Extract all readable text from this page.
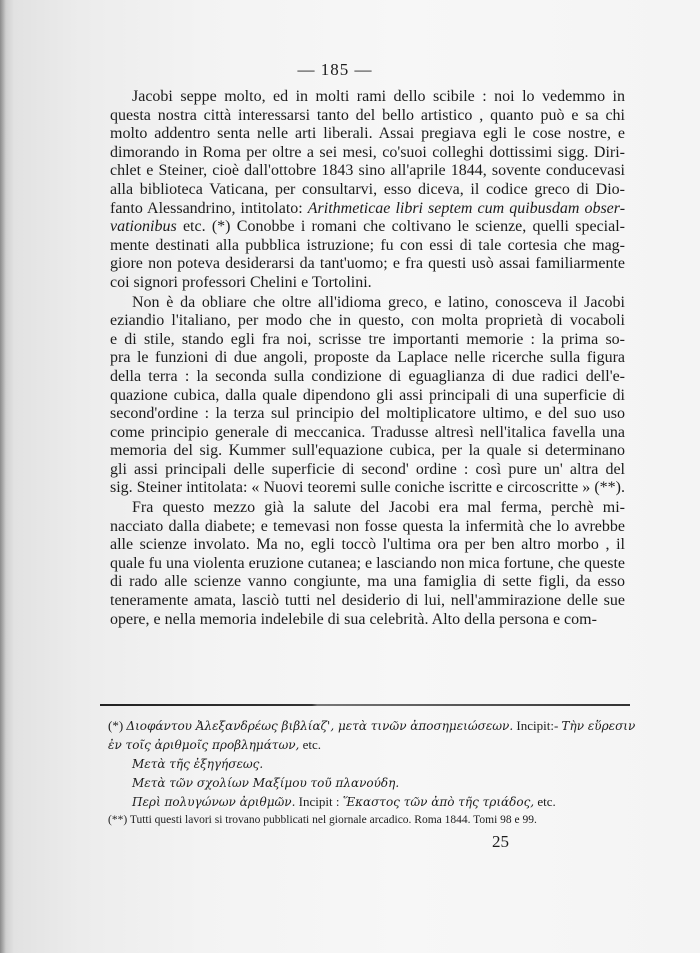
— 185 —
Jacobi seppe molto, ed in molti rami dello scibile : noi lo vedemmo in
questa nostra città interessarsi tanto del bello artistico , quanto può e sa chi
molto addentro senta nelle arti liberali. Assai pregiava egli le cose nostre, e
dimorando in Roma per oltre a sei mesi, co'suoi colleghi dottissimi sigg. Diri-
chlet e Steiner, cioè dall'ottobre 1843 sino all'aprile 1844, sovente conducevasi
alla biblioteca Vaticana, per consultarvi, esso diceva, il codice greco di Dio-
fanto Alessandrino, intitolato: Arithmeticae libri septem cum quibusdam obser-
vationibus etc. (*) Conobbe i romani che coltivano le scienze, quelli special-
mente destinati alla pubblica istruzione; fu con essi di tale cortesia che mag-
giore non poteva desiderarsi da tant'uomo; e fra questi usò assai familiarmente
coi signori professori Chelini e Tortolini.
Non è da obliare che oltre all'idioma greco, e latino, conosceva il Jacobi
eziandio l'italiano, per modo che in questo, con molta proprietà di vocaboli
e di stile, stando egli fra noi, scrisse tre importanti memorie : la prima so-
pra le funzioni di due angoli, proposte da Laplace nelle ricerche sulla figura
della terra : la seconda sulla condizione di eguaglianza di due radici dell'e-
quazione cubica, dalla quale dipendono gli assi principali di una superficie di
second'ordine : la terza sul principio del moltiplicatore ultimo, e del suo uso
come principio generale di meccanica. Tradusse altresì nell'italica favella una
memoria del sig. Kummer sull'equazione cubica, per la quale si determinano
gli assi principali delle superficie di second' ordine : così pure un' altra del
sig. Steiner intitolata: « Nuovi teoremi sulle coniche iscritte e circoscritte » (**).
Fra questo mezzo già la salute del Jacobi era mal ferma, perchè mi-
nacciato dalla diabete; e temevasi non fosse questa la infermità che lo avrebbe
alle scienze involato. Ma no, egli toccò l'ultima ora per ben altro morbo , il
quale fu una violenta eruzione cutanea; e lasciando non mica fortune, che queste
di rado alle scienze vanno congiunte, ma una famiglia di sette figli, da esso
teneramente amata, lasciò tutti nel desiderio di lui, nell'ammirazione delle sue
opere, e nella memoria indelebile di sua celebrità. Alto della persona e com-
(*) Διοφάντου Ἀλεξανδρέως βιβλίαζ', μετὰ τινῶν ἀποσημειώσεων. Incipit:- Τὴν εὕρεσιν
ἐν τοῖς ἀριθμοῖς προβλημάτων, etc.
Μετὰ τῆς ἐξηγήσεως.
Μετὰ τῶν σχολίων Μαξίμου τοῦ πλανούδη.
Περὶ πολυγώνων ἀριθμῶν. Incipit : Ἕκαστος τῶν ἀπὸ τῆς τριάδος, etc.
(**) Tutti questi lavori si trovano pubblicati nel giornale arcadico. Roma 1844. Tomi 98 e 99.
25
